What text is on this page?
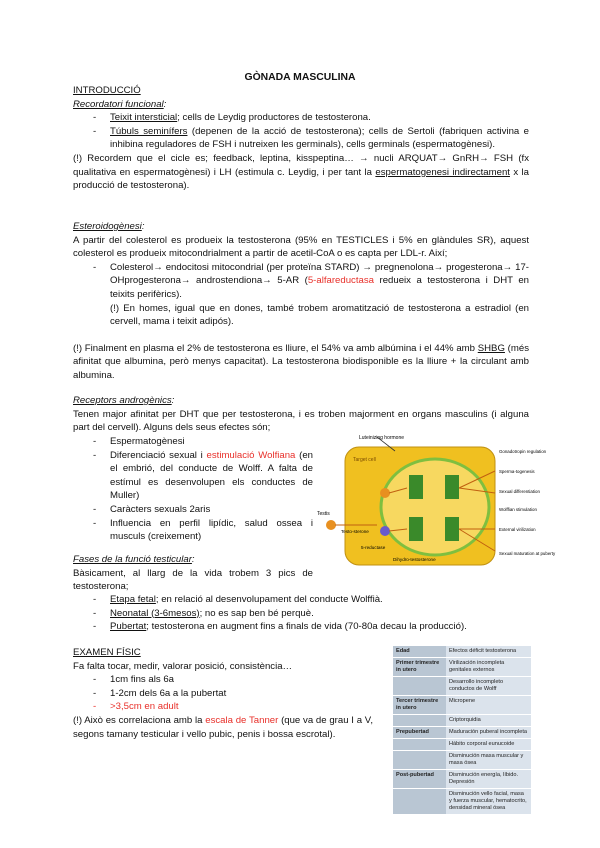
GÒNADA MASCULINA

INTRODUCCIÓ

Recordatori funcional:

- Teixit intersticial; cells de Leydig productores de testosterona.
- Túbuls seminífers (depenen de la acció de testosterona); cells de Sertoli (fabriquen activina e inhibina reguladores de FSH i nutreixen les germinals), cells germinals (espermatogènesi).

(!) Recordem que el cicle es; feedback, leptina, kisspeptina… → nucli ARQUAT→ GnRH→ FSH (fx qualitativa en espermatogènesi) i LH (estimula c. Leydig, i per tant la espermatogenesi indirectament x la producció de testosterona).

Esteroidogènesi:

A partir del colesterol es produeix la testosterona (95% en TESTICLES i 5% en glàndules SR), aquest colesterol es produeix mitocondrialment a partir de acetil-CoA o es capta per LDL-r. Així;

- Colesterol→ endocitosi mitocondrial (per proteïna STARD) → pregnenolona→ progesterona→ 17-OHprogesterona→ androstendiona→ 5-AR (5-alfareductasa redueix a testosterona i DHT en teixits perifèrics).
(!) En homes, igual que en dones, també trobem aromatització de testosterona a estradiol (en cervell, mama i teixit adipós).

(!) Finalment en plasma el 2% de testosterona es lliure, el 54% va amb albúmina i el 44% amb SHBG (més afinitat que albumina, però menys capacitat). La testosterona biodisponible es la lliure + la circulant amb albumina.

Receptors androgènics:

Tenen major afinitat per DHT que per testosterona, i es troben majorment en organs masculins (i alguna part del cervell). Alguns dels seus efectes són;

- Espermatogènesi
- Diferenciació sexual i estimulació Wolfiana (en el embrió, del conducte de Wolff. A falta de estímul es desenvolupen els conductes de Muller)
- Caràcters sexuals 2aris
- Influencia en perfil lipídic, salud ossea i musculs (creixement)
Luteinizing hormone
Target cell
Testis
Testo-sterone
5-reductase
Dihydro-testosterone
Gonadotropin regulation
Sperma-togenesis
Sexual differentiation
Wolffian stimulation
External virilization
Sexual maturation at puberty

Fases de la funció testicular:

Bàsicament, al llarg de la vida trobem 3 pics de testosterona;

- Etapa fetal; en relació al desenvolupament del conducte Wolffià.
- Neonatal (3-6mesos); no es sap ben bé perquè.
- Pubertat; testosterona en augment fins a finals de vida (70-80a decau la producció).

EXAMEN FÍSIC

Fa falta tocar, medir, valorar posició, consistència…

- 1cm fins als 6a
- 1-2cm dels 6a a la pubertat
- >3,5cm en adult

(!) Això es correlaciona amb la escala de Tanner (que va de grau I a V, segons tamany testicular i vello pubic, penis i bossa escrotal).

Edad	Efectos déficit testosterona
Primer trimestre in utero	Virilización incompleta genitales externos
	Desarrollo incompleto conductos de Wolff
Tercer trimestre in utero	Micropene
	Criptorquidia
Prepubertad	Maduración puberal incompleta
	Hábito corporal eunucoide
	Disminución masa muscular y masa ósea
Post-pubertad	Disminución energía, líbido. Depresión
	Disminución vello facial, masa y fuerza muscular, hematocrito, densidad mineral ósea
